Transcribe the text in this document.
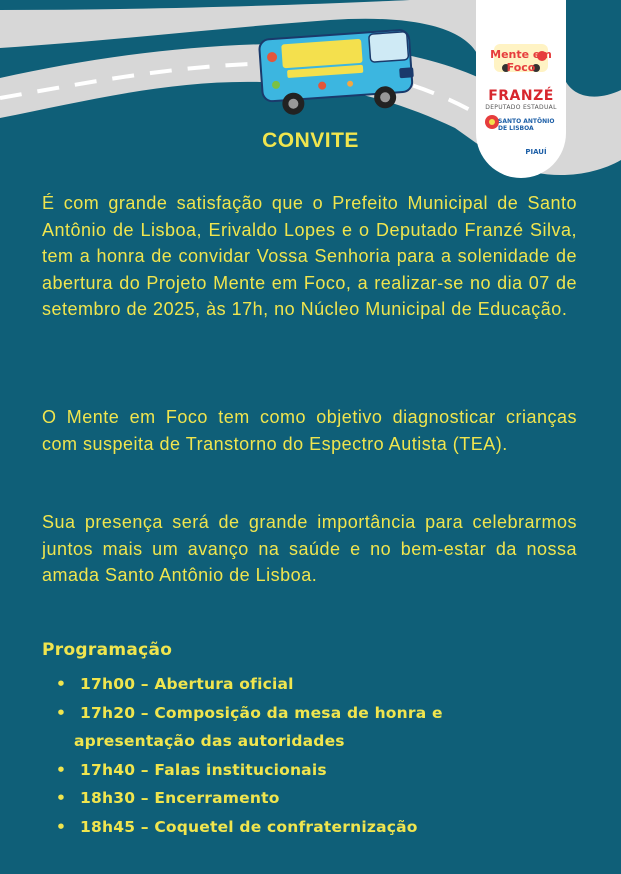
Mente em Foco
FRANZÉ
DEPUTADO ESTADUAL
SANTO ANTÔNIO DE LISBOA
PIAUÍ
CONVITE

É com grande satisfação que o Prefeito Municipal de Santo Antônio de Lisboa, Erivaldo Lopes e o Deputado Franzé Silva, tem a honra de convidar Vossa Senhoria para a solenidade de abertura do Projeto Mente em Foco, a realizar-se no dia 07 de setembro de 2025, às 17h, no Núcleo Municipal de Educação.

O Mente em Foco tem como objetivo diagnosticar crianças com suspeita de Transtorno do Espectro Autista (TEA).

Sua presença será de grande importância para celebrarmos juntos mais um avanço na saúde e no bem-estar da nossa amada Santo Antônio de Lisboa.

Programação
• 17h00 – Abertura oficial
• 17h20 – Composição da mesa de honra e
apresentação das autoridades
• 17h40 – Falas institucionais
• 18h30 – Encerramento
• 18h45 – Coquetel de confraternização
